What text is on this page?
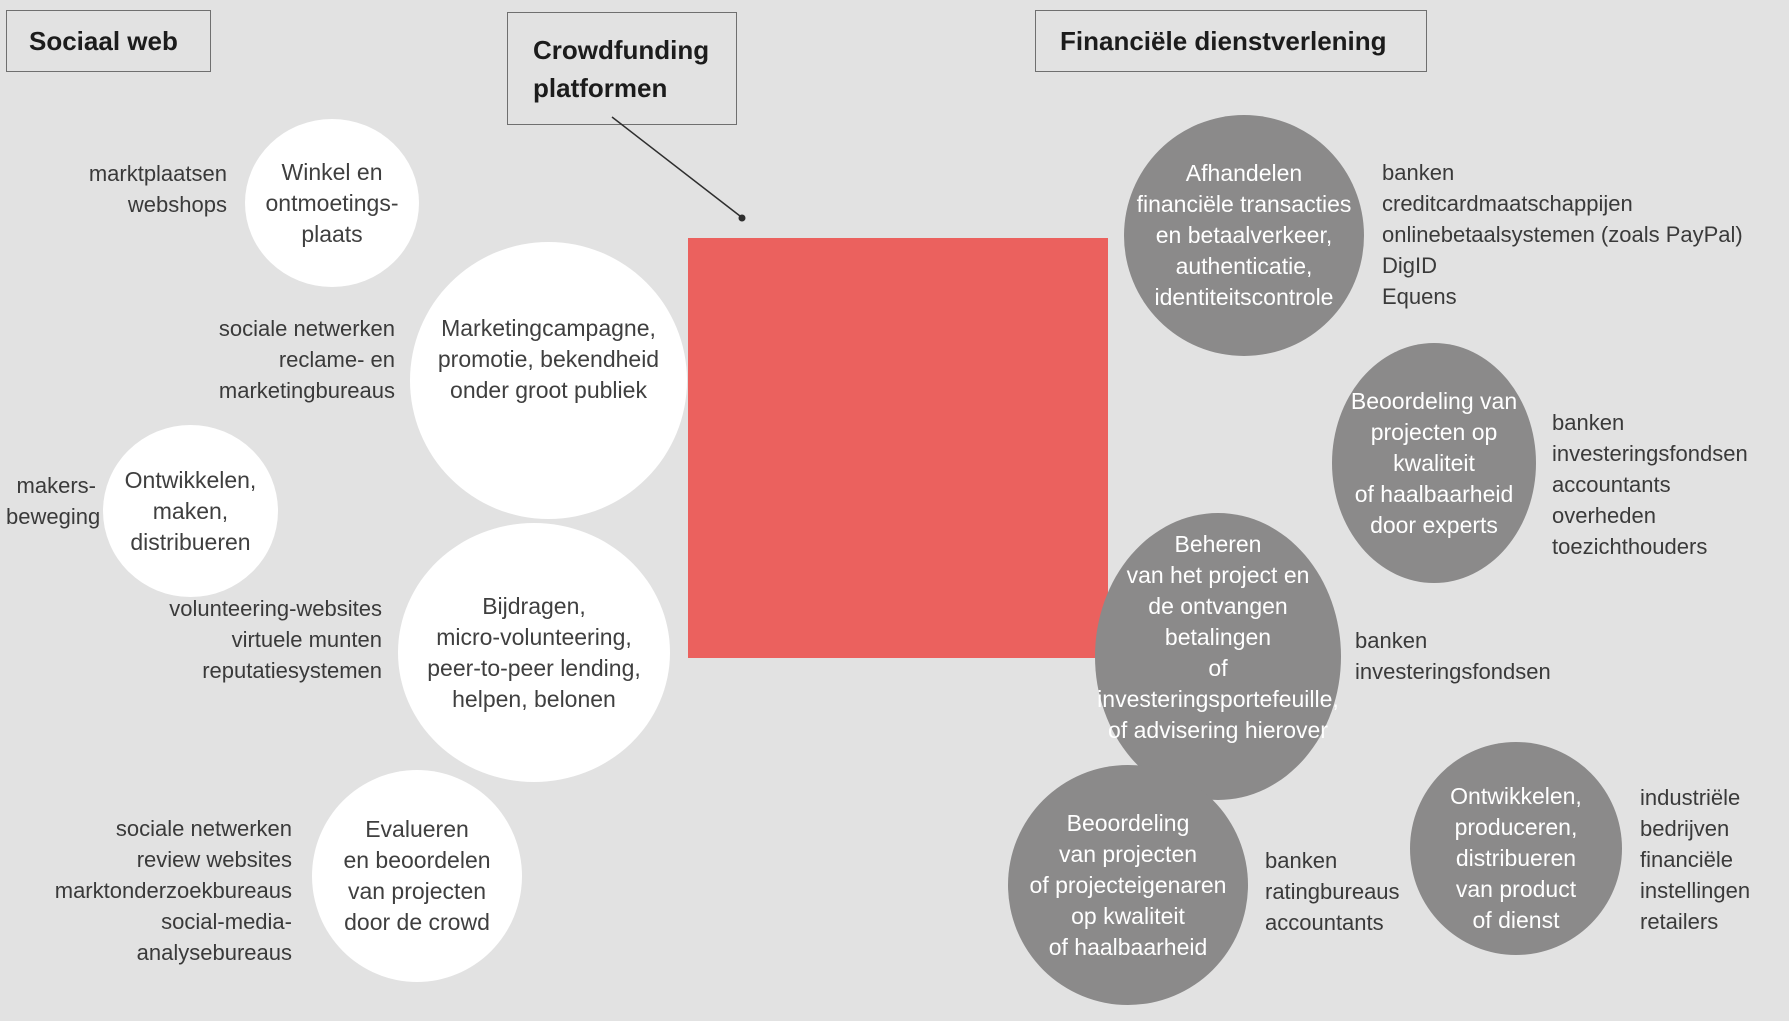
Sociaal web	Crowdfunding
platformen
Financiële dienstverlening
Winkel en
ontmoetings-
plaats
marktplaatsen
webshops
Marketingcampagne,
promotie, bekendheid
onder groot publiek
sociale netwerken
reclame- en
marketingbureaus
Ontwikkelen,
maken,
distribueren
makers-
beweging
Bijdragen,
micro-volunteering,
peer-to-peer lending,
helpen, belonen
volunteering-websites
virtuele munten
reputatiesystemen
Evalueren
en beoordelen
van projecten
door de crowd
sociale netwerken
review websites
marktonderzoekbureaus
social-media-analysebureaus
Afhandelen
financiële transacties
en betaalverkeer,
authenticatie,
identiteitscontrole
banken
creditcardmaatschappijen
onlinebetaalsystemen (zoals PayPal)
DigID
Equens
Beoordeling van
projecten op kwaliteit
of haalbaarheid
door experts
banken
investeringsfondsen
accountants
overheden
toezichthouders
Beheren
van het project en
de ontvangen betalingen
of investeringsportefeuille,
of advisering hierover
banken
investeringsfondsen
Beoordeling
van projecten
of projecteigenaren
op kwaliteit
of haalbaarheid
banken
ratingbureaus
accountants
Ontwikkelen,
produceren,
distribueren
van product
of dienst
industriële
bedrijven
financiële
instellingen
retailers
